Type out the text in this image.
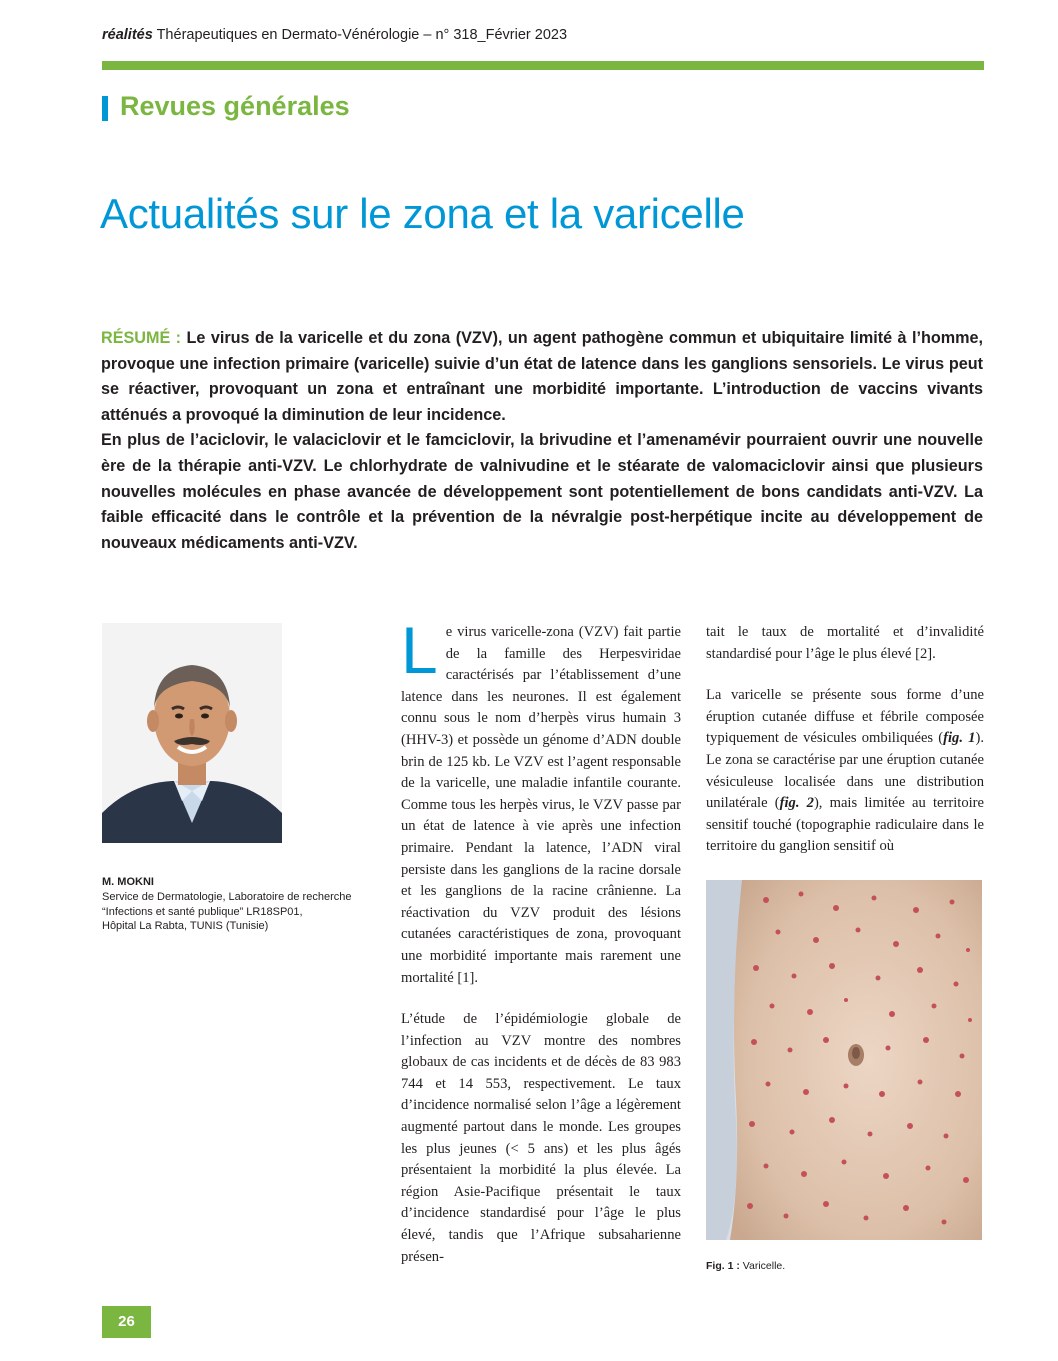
réalités Thérapeutiques en Dermato-Vénérologie – n° 318_Février 2023
Revues générales
Actualités sur le zona et la varicelle

RÉSUMÉ : Le virus de la varicelle et du zona (VZV), un agent pathogène commun et ubiquitaire limité à l’homme, provoque une infection primaire (varicelle) suivie d’un état de latence dans les ganglions sensoriels. Le virus peut se réactiver, provoquant un zona et entraînant une morbidité importante. L’introduction de vaccins vivants atténués a provoqué la diminution de leur incidence.

En plus de l’aciclovir, le valaciclovir et le famciclovir, la brivudine et l’amenamévir pourraient ouvrir une nouvelle ère de la thérapie anti-VZV. Le chlorhydrate de valnivudine et le stéarate de valomaciclovir ainsi que plusieurs nouvelles molécules en phase avancée de développement sont potentiellement de bons candidats anti-VZV. La faible efficacité dans le contrôle et la prévention de la névralgie post-herpétique incite au développement de nouveaux médicaments anti-VZV.

M. MOKNI
Service de Dermatologie, Laboratoire de recherche
“Infections et santé publique” LR18SP01,
Hôpital La Rabta, TUNIS (Tunisie)

Le virus varicelle-zona (VZV) fait partie de la famille des Herpesviridae caractérisés par l’établissement d’une latence dans les neurones. Il est également connu sous le nom d’herpès virus humain 3 (HHV-3) et possède un génome d’ADN double brin de 125 kb. Le VZV est l’agent responsable de la varicelle, une maladie infantile courante. Comme tous les herpès virus, le VZV passe par un état de latence à vie après une infection primaire. Pendant la latence, l’ADN viral persiste dans les ganglions de la racine dorsale et les ganglions de la racine crânienne. La réactivation du VZV produit des lésions cutanées caractéristiques de zona, provoquant une morbidité importante mais rarement une mortalité [1].

L’étude de l’épidémiologie globale de l’infection au VZV montre des nombres globaux de cas incidents et de décès de 83 983 744 et 14 553, respectivement. Le taux d’incidence normalisé selon l’âge a légèrement augmenté partout dans le monde. Les groupes les plus jeunes (< 5 ans) et les plus âgés présentaient la morbidité la plus élevée. La région Asie-Pacifique présentait le taux d’incidence standardisé pour l’âge le plus élevé, tandis que l’Afrique subsaharienne présen-

tait le taux de mortalité et d’invalidité standardisé pour l’âge le plus élevé [2].

La varicelle se présente sous forme d’une éruption cutanée diffuse et fébrile composée typiquement de vésicules ombiliquées (fig. 1). Le zona se caractérise par une éruption cutanée vésiculeuse localisée dans une distribution unilatérale (fig. 2), mais limitée au territoire sensitif touché (topographie radiculaire dans le territoire du ganglion sensitif où

Fig. 1 : Varicelle.
26
